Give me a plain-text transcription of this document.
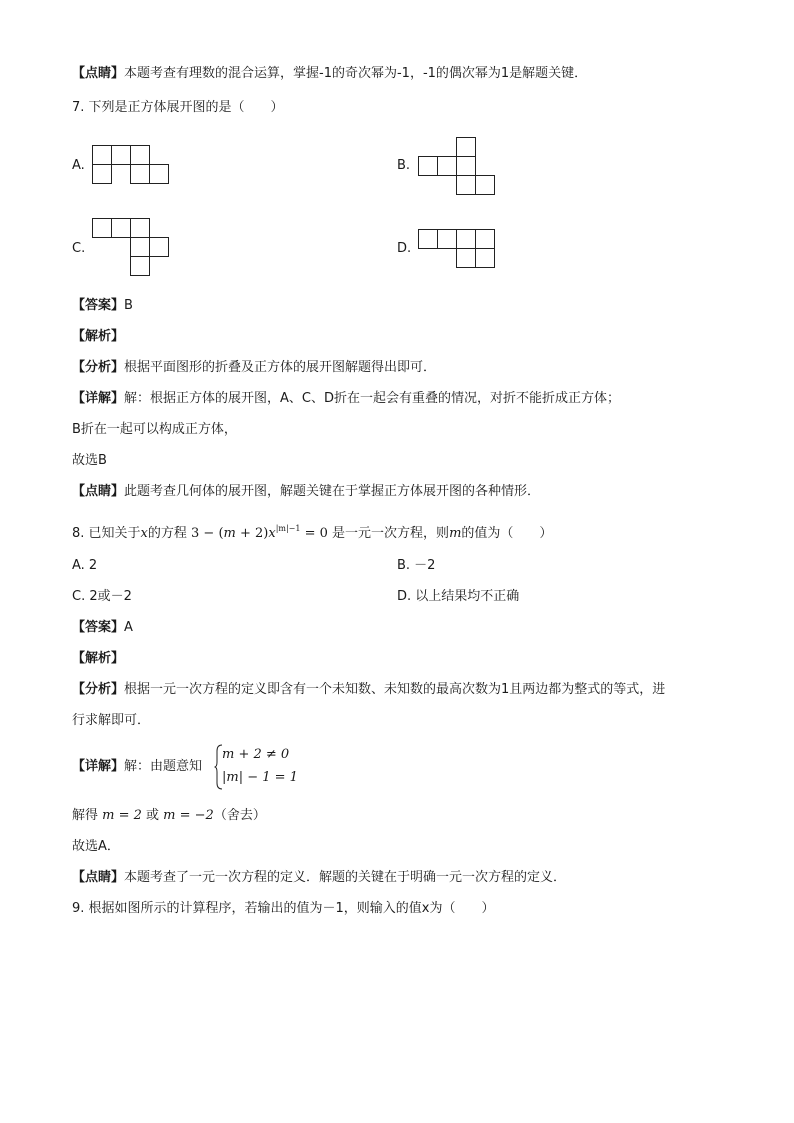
【点睛】本题考查有理数的混合运算，掌握-1的奇次幂为-1，-1的偶次幂为1是解题关键．
7. 下列是正方体展开图的是（　　）
A.	B.
C.	D.
【答案】B
【解析】
【分析】根据平面图形的折叠及正方体的展开图解题得出即可．
【详解】解：根据正方体的展开图，A、C、D折在一起会有重叠的情况，对折不能折成正方体；
B折在一起可以构成正方体，
故选B
【点睛】此题考查几何体的展开图，解题关键在于掌握正方体展开图的各种情形．
8. 已知关于x的方程 $3 - (m + 2)x^{|m|-1} = 0$ 是一元一次方程，则m的值为（　　）
A. 2	B. －2
C. 2或－2	D. 以上结果均不正确
【答案】A
【解析】
【分析】根据一元一次方程的定义即含有一个未知数、未知数的最高次数为1且两边都为整式的等式，进
行求解即可．
【详解】解：由题意知
m + 2 ≠ 0
|m| − 1 = 1
解得 m = 2 或 m = −2（舍去）
故选A．
【点睛】本题考查了一元一次方程的定义．解题的关键在于明确一元一次方程的定义．
9. 根据如图所示的计算程序，若输出的值为－1，则输入的值x为（　　）
